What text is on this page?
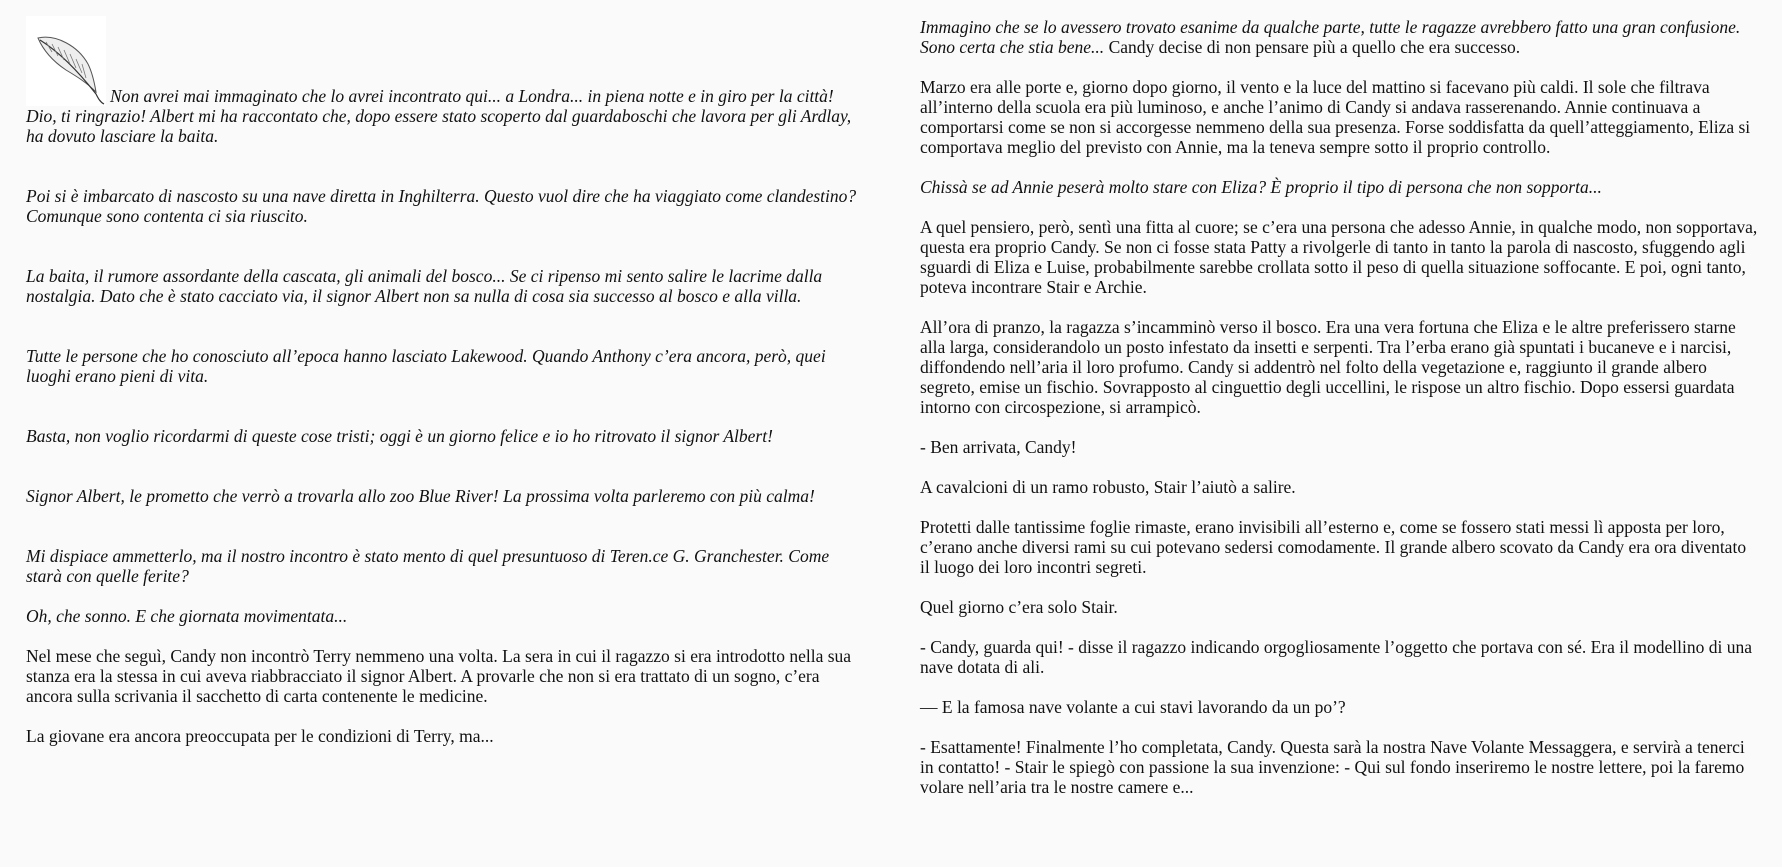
Non avrei mai immaginato che lo avrei incontrato qui... a Londra... in piena notte e in giro per la città! Dio, ti ringrazio! Albert mi ha raccontato che, dopo essere stato scoperto dal guardaboschi che lavora per gli Ardlay, ha dovuto lasciare la baita.

Poi si è imbarcato di nascosto su una nave diretta in Inghilterra. Questo vuol dire che ha viaggiato come clandestino? Comunque sono contenta ci sia riuscito.

La baita, il rumore assordante della cascata, gli animali del bosco... Se ci ripenso mi sento salire le lacrime dalla nostalgia. Dato che è stato cacciato via, il signor Albert non sa nulla di cosa sia successo al bosco e alla villa.

Tutte le persone che ho conosciuto all’epoca hanno lasciato Lakewood. Quando Anthony c’era ancora, però, quei luoghi erano pieni di vita.

Basta, non voglio ricordarmi di queste cose tristi; oggi è un giorno felice e io ho ritrovato il signor Albert!

Signor Albert, le prometto che verrò a trovarla allo zoo Blue River! La prossima volta parleremo con più calma!

Mi dispiace ammetterlo, ma il nostro incontro è stato mento di quel presuntuoso di Teren.ce G. Granchester. Come starà con quelle ferite?

Oh, che sonno. E che giornata movimentata...

Nel mese che seguì, Candy non incontrò Terry nemmeno una volta. La sera in cui il ragazzo si era introdotto nella sua stanza era la stessa in cui aveva riabbracciato il signor Albert. A provarle che non si era trattato di un sogno, c’era ancora sulla scrivania il sacchetto di carta contenente le medicine.

La giovane era ancora preoccupata per le condizioni di Terry, ma...

Immagino che se lo avessero trovato esanime da qualche parte, tutte le ragazze avrebbero fatto una gran confusione. Sono certa che stia bene... Candy decise di non pensare più a quello che era successo.

Marzo era alle porte e, giorno dopo giorno, il vento e la luce del mattino si facevano più caldi. Il sole che filtrava all’interno della scuola era più luminoso, e anche l’animo di Candy si andava rasserenando. Annie continuava a comportarsi come se non si accorgesse nemmeno della sua presenza. Forse soddisfatta da quell’atteggiamento, Eliza si comportava meglio del previsto con Annie, ma la teneva sempre sotto il proprio controllo.

Chissà se ad Annie peserà molto stare con Eliza? È proprio il tipo di persona che non sopporta...

A quel pensiero, però, sentì una fitta al cuore; se c’era una persona che adesso Annie, in qualche modo, non sopportava, questa era proprio Candy. Se non ci fosse stata Patty a rivolgerle di tanto in tanto la parola di nascosto, sfuggendo agli sguardi di Eliza e Luise, probabilmente sarebbe crollata sotto il peso di quella situazione soffocante. E poi, ogni tanto, poteva incontrare Stair e Archie.

All’ora di pranzo, la ragazza s’incamminò verso il bosco. Era una vera fortuna che Eliza e le altre preferissero starne alla larga, considerandolo un posto infestato da insetti e serpenti. Tra l’erba erano già spuntati i bucaneve e i narcisi, diffondendo nell’aria il loro profumo. Candy si addentrò nel folto della vegetazione e, raggiunto il grande albero segreto, emise un fischio. Sovrapposto al cinguettio degli uccellini, le rispose un altro fischio. Dopo essersi guardata intorno con circospezione, si arrampicò.

- Ben arrivata, Candy!

A cavalcioni di un ramo robusto, Stair l’aiutò a salire.

Protetti dalle tantissime foglie rimaste, erano invisibili all’esterno e, come se fossero stati messi lì apposta per loro, c’erano anche diversi rami su cui potevano sedersi comodamente. Il grande albero scovato da Candy era ora diventato il luogo dei loro incontri segreti.

Quel giorno c’era solo Stair.

- Candy, guarda qui! - disse il ragazzo indicando orgogliosamente l’oggetto che portava con sé. Era il modellino di una nave dotata di ali.

— E la famosa nave volante a cui stavi lavorando da un po’?

- Esattamente! Finalmente l’ho completata, Candy. Questa sarà la nostra Nave Volante Messaggera, e servirà a tenerci in contatto! - Stair le spiegò con passione la sua invenzione: - Qui sul fondo inseriremo le nostre lettere, poi la faremo volare nell’aria tra le nostre camere e...
